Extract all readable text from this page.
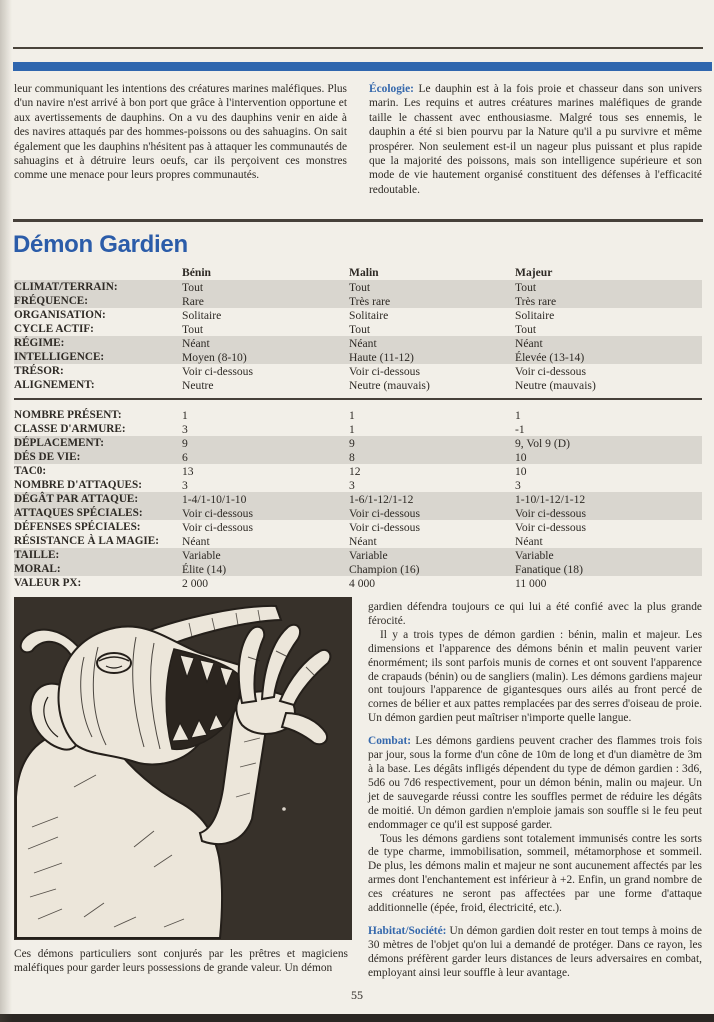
leur communiquant les intentions des créatures marines maléfiques. Plus d'un navire n'est arrivé à bon port que grâce à l'intervention opportune et aux avertissements de dauphins. On a vu des dauphins venir en aide à des navires attaqués par des hommes-poissons ou des sahuagins. On sait également que les dauphins n'hésitent pas à attaquer les communautés de sahuagins et à détruire leurs oeufs, car ils perçoivent ces monstres comme une menace pour leurs propres communautés.
Écologie: Le dauphin est à la fois proie et chasseur dans son univers marin. Les requins et autres créatures marines maléfiques de grande taille le chassent avec enthousiasme. Malgré tous ses ennemis, le dauphin a été si bien pourvu par la Nature qu'il a pu survivre et même prospérer. Non seulement est-il un nageur plus puissant et plus rapide que la majorité des poissons, mais son intelligence supérieure et son mode de vie hautement organisé constituent des défenses à l'efficacité redoutable.
Démon Gardien
Bénin	Malin	Majeur
CLIMAT/TERRAIN:	Tout	Tout	Tout
FRÉQUENCE:	Rare	Très rare	Très rare
ORGANISATION:	Solitaire	Solitaire	Solitaire
CYCLE ACTIF:	Tout	Tout	Tout
RÉGIME:	Néant	Néant	Néant
INTELLIGENCE:	Moyen (8-10)	Haute (11-12)	Élevée (13-14)
TRÉSOR:	Voir ci-dessous	Voir ci-dessous	Voir ci-dessous
ALIGNEMENT:	Neutre	Neutre (mauvais)	Neutre (mauvais)
NOMBRE PRÉSENT:	1	1	1
CLASSE D'ARMURE:	3	1	-1
DÉPLACEMENT:	9	9	9, Vol 9 (D)
DÉS DE VIE:	6	8	10
TAC0:	13	12	10
NOMBRE D'ATTAQUES:	3	3	3
DÉGÂT PAR ATTAQUE:	1-4/1-10/1-10	1-6/1-12/1-12	1-10/1-12/1-12
ATTAQUES SPÉCIALES:	Voir ci-dessous	Voir ci-dessous	Voir ci-dessous
DÉFENSES SPÉCIALES:	Voir ci-dessous	Voir ci-dessous	Voir ci-dessous
RÉSISTANCE À LA MAGIE:	Néant	Néant	Néant
TAILLE:	Variable	Variable	Variable
MORAL:	Élite (14)	Champion (16)	Fanatique (18)
VALEUR PX:	2 000	4 000	11 000
Ces démons particuliers sont conjurés par les prêtres et magiciens maléfiques pour garder leurs possessions de grande valeur. Un démon

gardien défendra toujours ce qui lui a été confié avec la plus grande férocité.

Il y a trois types de démon gardien : bénin, malin et majeur. Les dimensions et l'apparence des démons bénin et malin peuvent varier énormément; ils sont parfois munis de cornes et ont souvent l'apparence de crapauds (bénin) ou de sangliers (malin). Les démons gardiens majeur ont toujours l'apparence de gigantesques ours ailés au front percé de cornes de bélier et aux pattes remplacées par des serres d'oiseau de proie. Un démon gardien peut maîtriser n'importe quelle langue.

Combat: Les démons gardiens peuvent cracher des flammes trois fois par jour, sous la forme d'un cône de 10m de long et d'un diamètre de 3m à la base. Les dégâts infligés dépendent du type de démon gardien : 3d6, 5d6 ou 7d6 respectivement, pour un démon bénin, malin ou majeur. Un jet de sauvegarde réussi contre les souffles permet de réduire les dégâts de moitié. Un démon gardien n'emploie jamais son souffle si le feu peut endommager ce qu'il est supposé garder.

Tous les démons gardiens sont totalement immunisés contre les sorts de type charme, immobilisation, sommeil, métamorphose et sommeil. De plus, les démons malin et majeur ne sont aucunement affectés par les armes dont l'enchantement est inférieur à +2. Enfin, un grand nombre de ces créatures ne seront pas affectées par une forme d'attaque additionnelle (épée, froid, électricité, etc.).

Habitat/Société: Un démon gardien doit rester en tout temps à moins de 30 mètres de l'objet qu'on lui a demandé de protéger. Dans ce rayon, les démons préfèrent garder leurs distances de leurs adversaires en combat, employant ainsi leur souffle à leur avantage.

55
